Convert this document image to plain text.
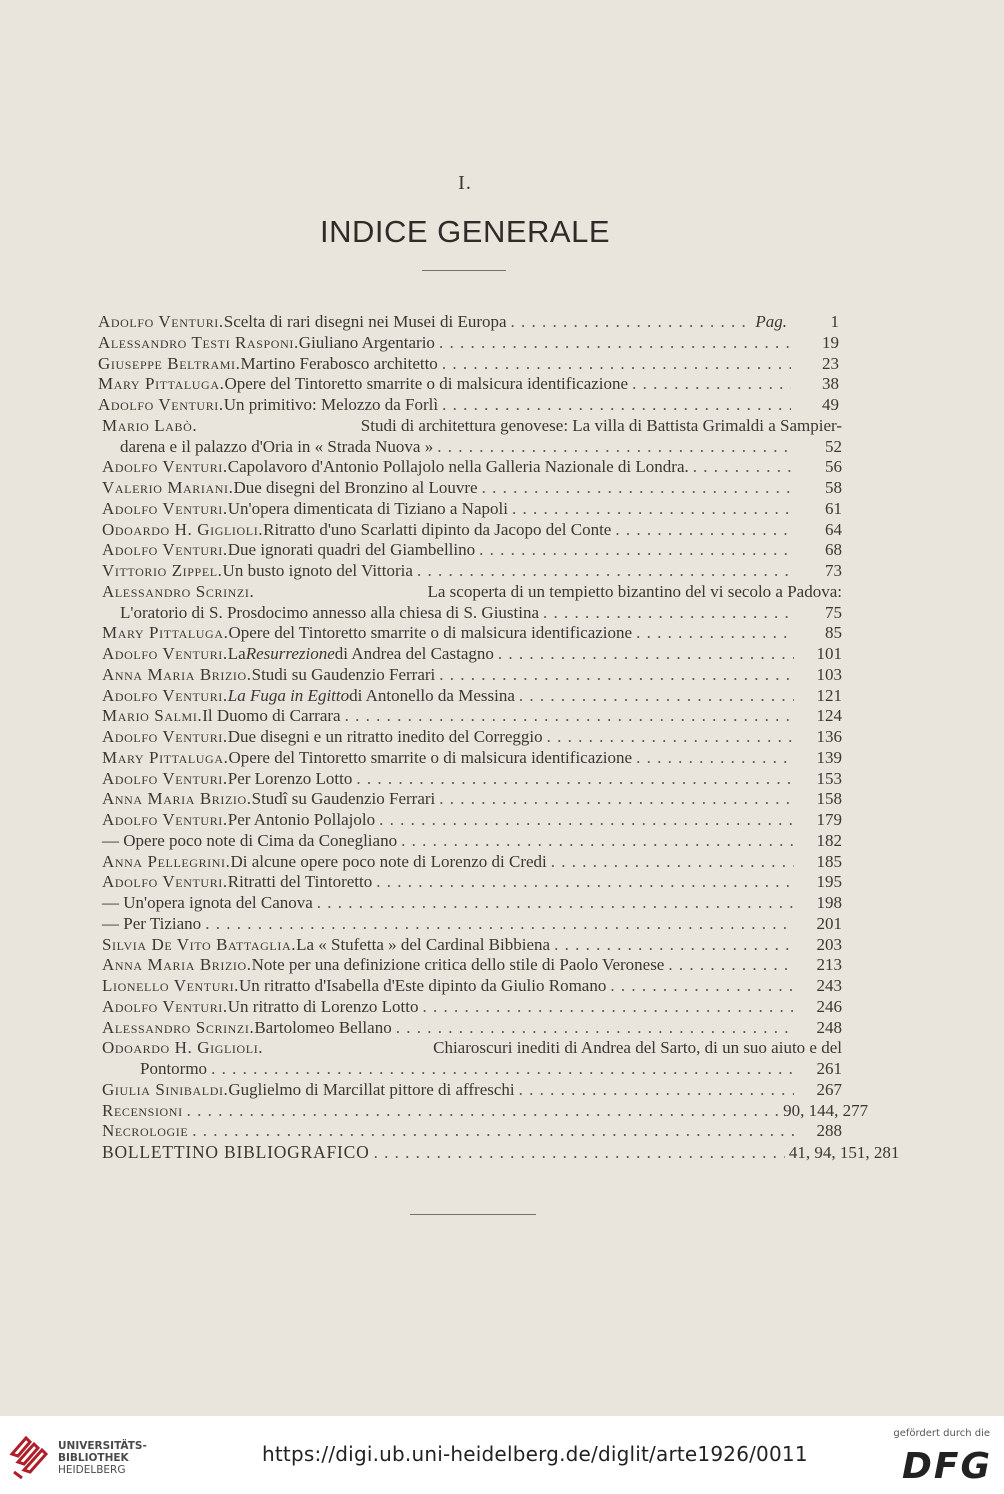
I.
INDICE GENERALE
Adolfo Venturi. Scelta di rari disegni nei Musei di Europa . . .	Pag.	1
Alessandro Testi Rasponi. Giuliano Argentario . . .	19
Giuseppe Beltrami. Martino Ferabosco architetto . . .	23
Mary Pittaluga. Opere del Tintoretto smarrite o di malsicura identificazione . . .	38
Adolfo Venturi. Un primitivo: Melozzo da Forlì . . .	49
Mario Labò.	Studi di architettura genovese: La villa di Battista Grimaldi a Sampier-
darena e il palazzo d'Oria in « Strada Nuova » . . .	52
Adolfo Venturi. Capolavoro d'Antonio Pollajolo nella Galleria Nazionale di Londra. . . .	56
Valerio Mariani. Due disegni del Bronzino al Louvre . . .	58
Adolfo Venturi. Un'opera dimenticata di Tiziano a Napoli . . .	61
Odoardo H. Giglioli. Ritratto d'uno Scarlatti dipinto da Jacopo del Conte . . .	64
Adolfo Venturi. Due ignorati quadri del Giambellino . . .	68
Vittorio Zippel. Un busto ignoto del Vittoria . . .	73
Alessandro Scrinzi.	La scoperta di un tempietto bizantino del vi secolo a Padova:
L'oratorio di S. Prosdocimo annesso alla chiesa di S. Giustina . . .	75
Mary Pittaluga. Opere del Tintoretto smarrite o di malsicura identificazione . . .	85
Adolfo Venturi. La Resurrezione di Andrea del Castagno . . .	101
Anna Maria Brizio. Studi su Gaudenzio Ferrari . . .	103
Adolfo Venturi. La Fuga in Egitto di Antonello da Messina . . .	121
Mario Salmi. Il Duomo di Carrara . . .	124
Adolfo Venturi. Due disegni e un ritratto inedito del Correggio . . .	136
Mary Pittaluga. Opere del Tintoretto smarrite o di malsicura identificazione . . .	139
Adolfo Venturi. Per Lorenzo Lotto . . .	153
Anna Maria Brizio. Studî su Gaudenzio Ferrari . . .	158
Adolfo Venturi. Per Antonio Pollajolo . . .	179
— Opere poco note di Cima da Conegliano . . .	182
Anna Pellegrini. Di alcune opere poco note di Lorenzo di Credi . . .	185
Adolfo Venturi. Ritratti del Tintoretto . . .	195
— Un'opera ignota del Canova . . .	198
— Per Tiziano . . .	201
Silvia De Vito Battaglia. La « Stufetta » del Cardinal Bibbiena . . .	203
Anna Maria Brizio. Note per una definizione critica dello stile di Paolo Veronese . . .	213
Lionello Venturi. Un ritratto d'Isabella d'Este dipinto da Giulio Romano . . .	243
Adolfo Venturi. Un ritratto di Lorenzo Lotto . . .	246
Alessandro Scrinzi. Bartolomeo Bellano . . .	248
Odoardo H. Giglioli.	Chiaroscuri inediti di Andrea del Sarto, di un suo aiuto e del
Pontormo . . .	261
Giulia Sinibaldi. Guglielmo di Marcillat pittore di affreschi . . .	267
Recensioni . . .	90, 144, 277
Necrologie . . .	288
BOLLETTINO BIBLIOGRAFICO . . .	41, 94, 151, 281
UNIVERSITÄTS-
BIBLIOTHEK
HEIDELBERG
https://digi.ub.uni-heidelberg.de/diglit/arte1926/0011
gefördert durch die
DFG
